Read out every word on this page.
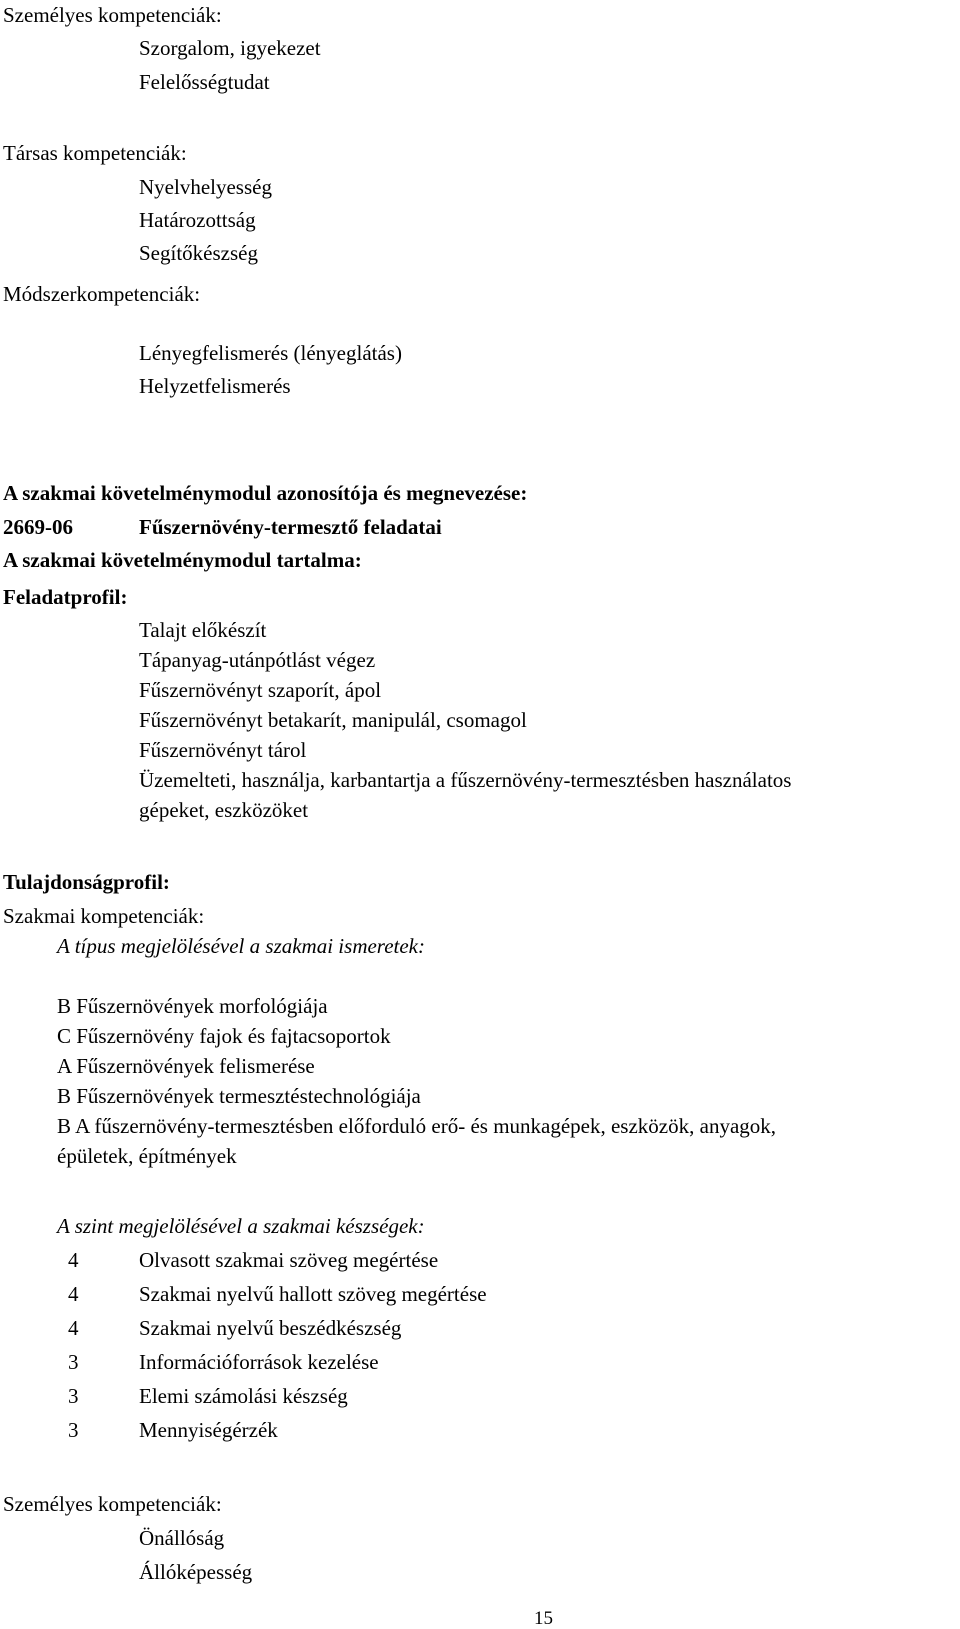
Személyes kompetenciák:
Szorgalom, igyekezet
Felelősségtudat
Társas kompetenciák:
Nyelvhelyesség
Határozottság
Segítőkészség
Módszerkompetenciák:
Lényegfelismerés (lényeglátás)
Helyzetfelismerés
A szakmai követelménymodul azonosítója és megnevezése:
2669-06	Fűszernövény-termesztő feladatai
A szakmai követelménymodul tartalma:
Feladatprofil:
Talajt előkészít
Tápanyag-utánpótlást végez
Fűszernövényt szaporít, ápol
Fűszernövényt betakarít, manipulál, csomagol
Fűszernövényt tárol
Üzemelteti, használja, karbantartja a fűszernövény-termesztésben használatos
gépeket, eszközöket
Tulajdonságprofil:
Szakmai kompetenciák:
A típus megjelölésével a szakmai ismeretek:
B Fűszernövények morfológiája
C Fűszernövény fajok és fajtacsoportok
A Fűszernövények felismerése
B Fűszernövények termesztéstechnológiája
B A fűszernövény-termesztésben előforduló erő- és munkagépek, eszközök, anyagok,
épületek, építmények
A szint megjelölésével a szakmai készségek:
4	Olvasott szakmai szöveg megértése
4	Szakmai nyelvű hallott szöveg megértése
4	Szakmai nyelvű beszédkészség
3	Információforrások kezelése
3	Elemi számolási készség
3	Mennyiségérzék
Személyes kompetenciák:
Önállóság
Állóképesség
15
